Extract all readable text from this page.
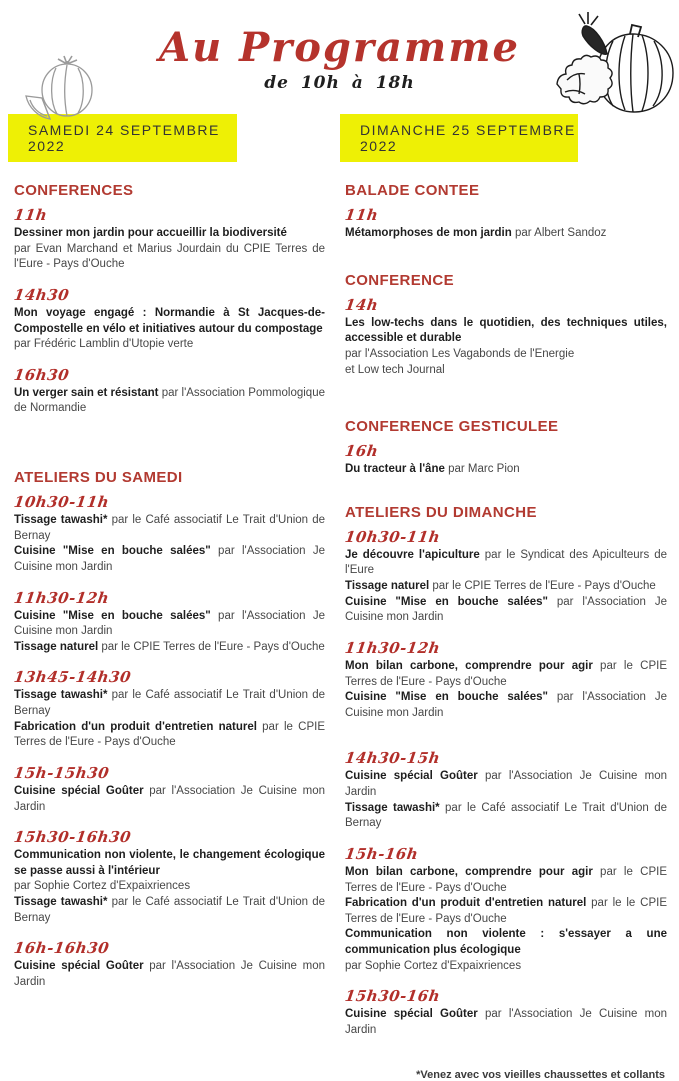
Au Programme
de 10h à 18h
SAMEDI 24 SEPTEMBRE 2022
DIMANCHE 25 SEPTEMBRE 2022
CONFERENCES
11h

Dessiner mon jardin pour accueillir la biodiversité

par Evan Marchand et Marius Jourdain du CPIE Terres de l'Eure - Pays d'Ouche

14h30

Mon voyage engagé : Normandie à St Jacques-de-Compostelle en vélo et initiatives autour du compostage

par Frédéric Lamblin d'Utopie verte

16h30

Un verger sain et résistant par l'Association Pommologique de Normandie

ATELIERS DU SAMEDI
10h30-11h

Tissage tawashi* par le Café associatif Le Trait d'Union de Bernay

Cuisine "Mise en bouche salées" par l'Association Je Cuisine mon Jardin

11h30-12h

Cuisine "Mise en bouche salées" par l'Association Je Cuisine mon Jardin

Tissage naturel par le CPIE Terres de l'Eure - Pays d'Ouche

13h45-14h30

Tissage tawashi* par le Café associatif Le Trait d'Union de Bernay

Fabrication d'un produit d'entretien naturel par le CPIE Terres de l'Eure - Pays d'Ouche

15h-15h30

Cuisine spécial Goûter par l'Association Je Cuisine mon Jardin

15h30-16h30

Communication non violente, le changement écologique se passe aussi à l'intérieur

par Sophie Cortez d'Expaixriences

Tissage tawashi* par le Café associatif Le Trait d'Union de Bernay

16h-16h30

Cuisine spécial Goûter par l'Association Je Cuisine mon Jardin

BALADE CONTEE
11h

Métamorphoses de mon jardin par Albert Sandoz

CONFERENCE
14h

Les low-techs dans le quotidien, des techniques utiles, accessible et durable

par l'Association Les Vagabonds de l'Energie

et Low tech Journal

CONFERENCE GESTICULEE
16h

Du tracteur à l'âne par Marc Pion

ATELIERS DU DIMANCHE
10h30-11h

Je découvre l'apiculture par le Syndicat des Apiculteurs de l'Eure

Tissage naturel par le CPIE Terres de l'Eure - Pays d'Ouche

Cuisine "Mise en bouche salées" par l'Association Je Cuisine mon Jardin

11h30-12h

Mon bilan carbone, comprendre pour agir par le CPIE Terres de l'Eure - Pays d'Ouche

Cuisine "Mise en bouche salées" par l'Association Je Cuisine mon Jardin

14h30-15h

Cuisine spécial Goûter par l'Association Je Cuisine mon Jardin

Tissage tawashi* par le Café associatif Le Trait d'Union de Bernay

15h-16h

Mon bilan carbone, comprendre pour agir par le CPIE Terres de l'Eure - Pays d'Ouche

Fabrication d'un produit d'entretien naturel par le le CPIE Terres de l'Eure - Pays d'Ouche

Communication non violente : s'essayer a une communication plus écologique

par Sophie Cortez d'Expaixriences

15h30-16h

Cuisine spécial Goûter par l'Association Je Cuisine mon Jardin

*Venez avec vos vieilles chaussettes et collants
